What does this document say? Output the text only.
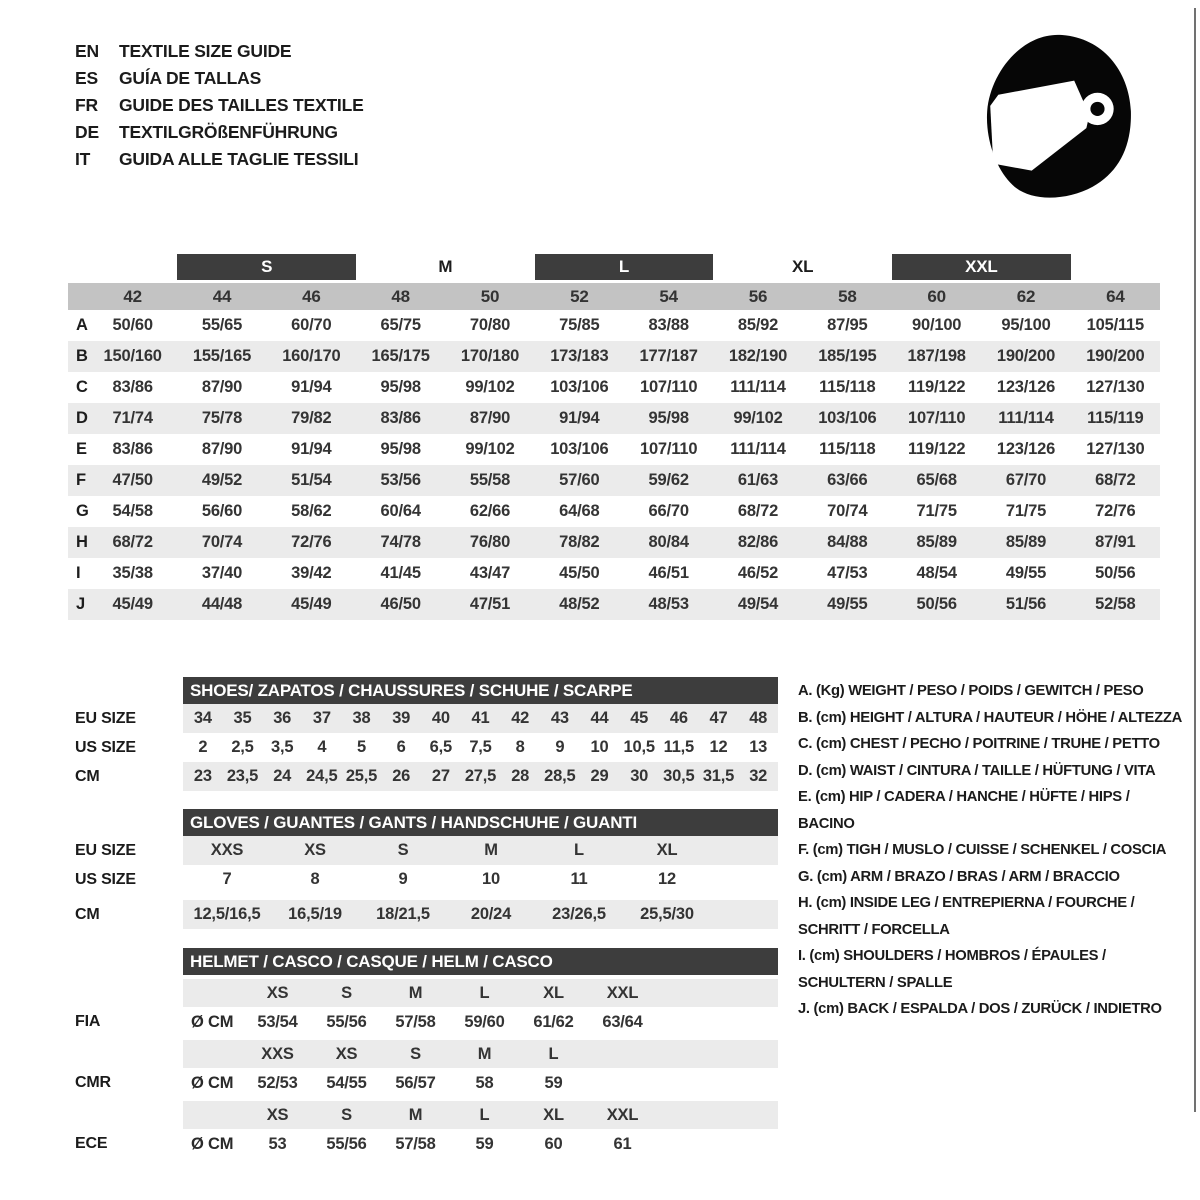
EN	TEXTILE SIZE GUIDE
ES	GUÍA DE TALLAS
FR	GUIDE DES TAILLES TEXTILE
DE	TEXTILGRÖßENFÜHRUNG
IT	GUIDA ALLE TAGLIE TESSILI
S	M	L	XL	XXL
42	44	46	48	50	52	54	56	58	60	62	64
A	50/60	55/65	60/70	65/75	70/80	75/85	83/88	85/92	87/95	90/100	95/100	105/115
B 150/160	155/165	160/170	165/175	170/180	173/183	177/187	182/190	185/195	187/198	190/200	190/200
C	83/86	87/90	91/94	95/98	99/102	103/106	107/110	111/114	115/118	119/122	123/126	127/130
D	71/74	75/78	79/82	83/86	87/90	91/94	95/98	99/102	103/106	107/110	111/114	115/119
E	83/86	87/90	91/94	95/98	99/102	103/106	107/110	111/114	115/118	119/122	123/126	127/130
F	47/50	49/52	51/54	53/56	55/58	57/60	59/62	61/63	63/66	65/68	67/70	68/72
G	54/58	56/60	58/62	60/64	62/66	64/68	66/70	68/72	70/74	71/75	71/75	72/76
H	68/72	70/74	72/76	74/78	76/80	78/82	80/84	82/86	84/88	85/89	85/89	87/91
I	35/38	37/40	39/42	41/45	43/47	45/50	46/51	46/52	47/53	48/54	49/55	50/56
J	45/49	44/48	45/49	46/50	47/51	48/52	48/53	49/54	49/55	50/56	51/56	52/58
SHOES/ ZAPATOS / CHAUSSURES / SCHUHE / SCARPE
EU SIZE	34	35	36	37	38	39	40	41	42	43	44	45	46	47	48
US SIZE	2	2,5	3,5	4	5	6	6,5	7,5	8	9	10 10,5 11,5 12	13
CM	23 23,5 24 24,5 25,5 26	27 27,5 28 28,5 29	30 30,5 31,5 32
GLOVES / GUANTES / GANTS / HANDSCHUHE / GUANTI
EU SIZE	XXS	XS	S	M	L	XL
US SIZE	7	8	9	10	11	12
CM	12,5/16,5	16,5/19	18/21,5	20/24	23/26,5	25,5/30
HELMET / CASCO / CASQUE / HELM / CASCO
XS	S	M	L	XL	XXL
FIA	Ø CM	53/54	55/56	57/58	59/60	61/62	63/64
XXS	XS	S	M	L
CMR	Ø CM	52/53	54/55	56/57	58	59
XS	S	M	L	XL	XXL
ECE	Ø CM	53	55/56	57/58	59	60	61
A. (Kg) WEIGHT / PESO / POIDS / GEWITCH / PESO
B. (cm) HEIGHT / ALTURA / HAUTEUR / HÖHE / ALTEZZA
C. (cm) CHEST / PECHO / POITRINE / TRUHE / PETTO
D. (cm) WAIST / CINTURA / TAILLE / HÜFTUNG / VITA
E. (cm) HIP / CADERA / HANCHE / HÜFTE / HIPS / BACINO
F. (cm) TIGH / MUSLO / CUISSE / SCHENKEL / COSCIA
G. (cm) ARM / BRAZO / BRAS / ARM / BRACCIO
H. (cm) INSIDE LEG / ENTREPIERNA / FOURCHE / SCHRITT / FORCELLA
I. (cm) SHOULDERS / HOMBROS / ÉPAULES / SCHULTERN / SPALLE
J. (cm) BACK / ESPALDA / DOS / ZURÜCK / INDIETRO
